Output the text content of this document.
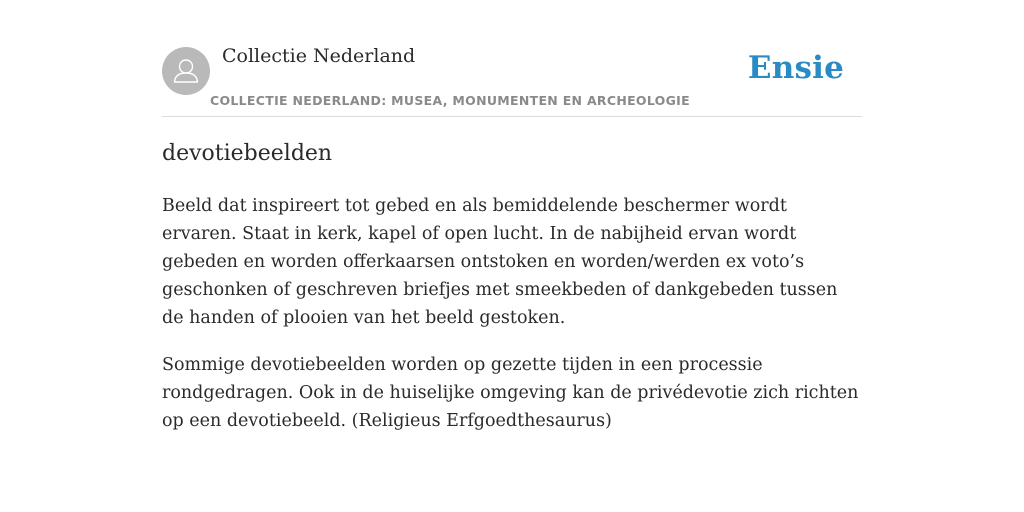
Collectie Nederland
COLLECTIE NEDERLAND: MUSEA, MONUMENTEN EN ARCHEOLOGIE
Ensie
devotiebeelden

Beeld dat inspireert tot gebed en als bemiddelende beschermer wordt ervaren. Staat in kerk, kapel of open lucht. In de nabijheid ervan wordt gebeden en worden offerkaarsen ontstoken en worden/werden ex voto’s geschonken of geschreven briefjes met smeekbeden of dankgebeden tussen de handen of plooien van het beeld gestoken.

Sommige devotiebeelden worden op gezette tijden in een processie rondgedragen. Ook in de huiselijke omgeving kan de privédevotie zich richten op een devotiebeeld. (Religieus Erfgoedthesaurus)
